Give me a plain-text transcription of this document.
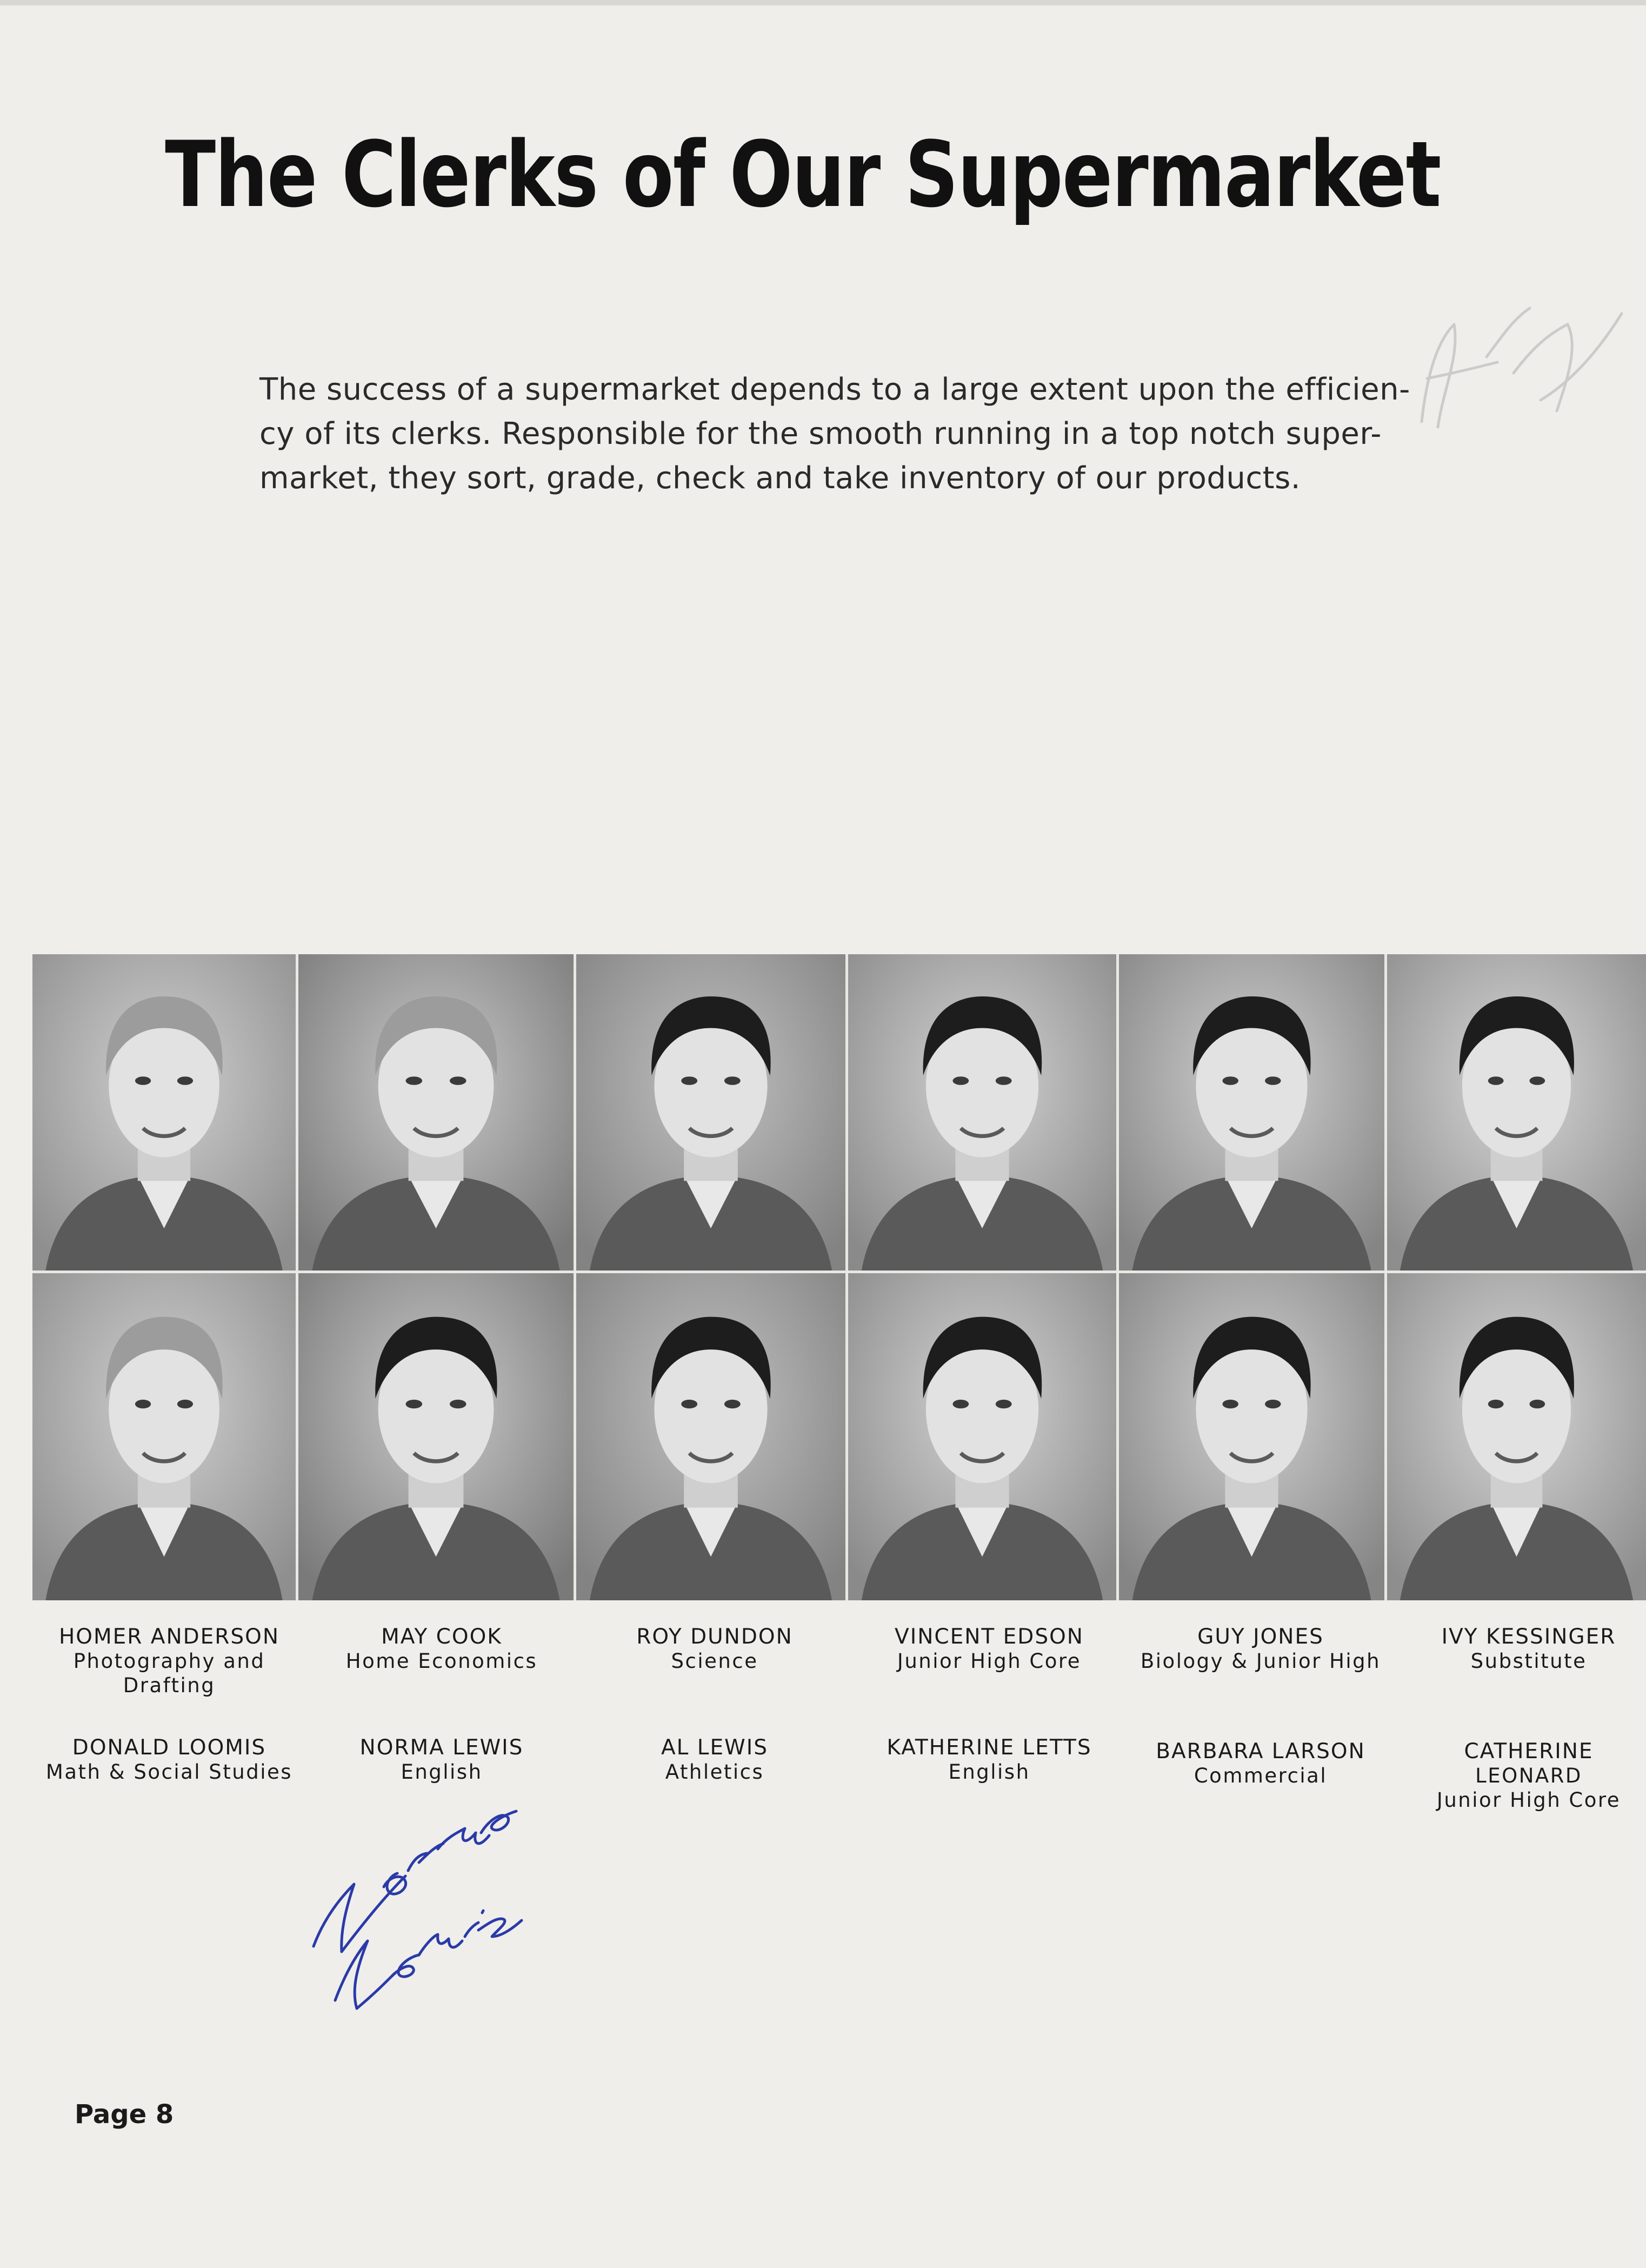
The Clerks of Our Supermarket
The success of a supermarket depends to a large extent upon the efficien-
cy of its clerks. Responsible for the smooth running in a top notch super-
market, they sort, grade, check and take inventory of our products.
HOMER ANDERSON
Photography and
Drafting
MAY COOK
Home Economics
ROY DUNDON
Science
VINCENT EDSON
Junior High Core
GUY JONES
Biology & Junior High
IVY KESSINGER
Substitute
DONALD LOOMIS
Math & Social Studies
NORMA LEWIS
English
AL LEWIS
Athletics
KATHERINE LETTS
English
BARBARA LARSON
Commercial
CATHERINE
LEONARD
Junior High Core
Page 8
